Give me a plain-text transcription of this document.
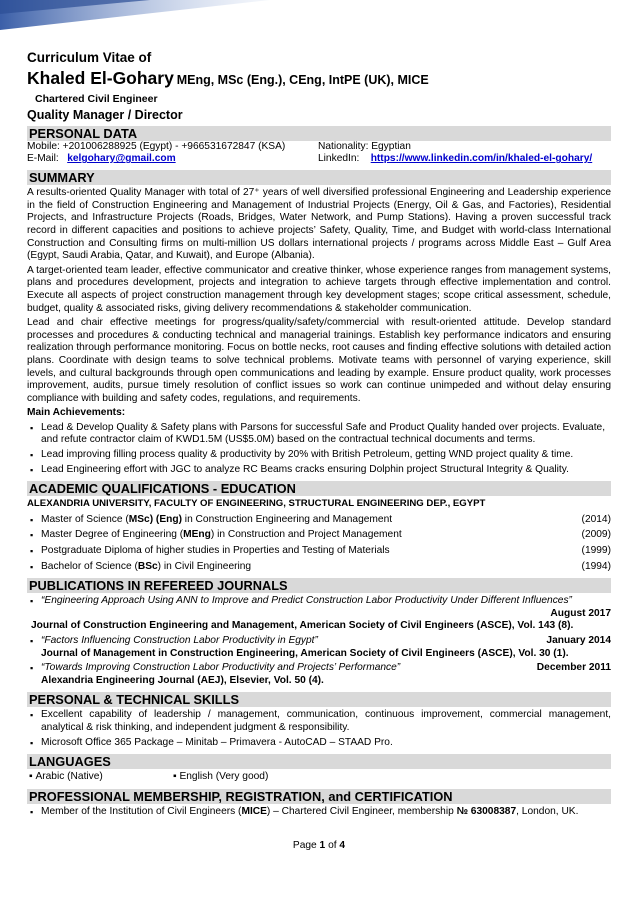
Curriculum Vitae of
Khaled El-Gohary MEng, MSc (Eng.), CEng, IntPE (UK), MICE
Chartered Civil Engineer
Quality Manager / Director
PERSONAL DATA
Mobile: +201006288925 (Egypt) - +966531672847 (KSA)	Nationality: Egyptian
E-Mail: kelgohary@gmail.com	LinkedIn: https://www.linkedin.com/in/khaled-el-gohary/
SUMMARY
A results-oriented Quality Manager with total of 27⁺ years of well diversified professional Engineering and Leadership experience in the field of Construction Engineering and Management of Industrial Projects (Energy, Oil & Gas, and Factories), Residential Projects, and Infrastructure Projects (Roads, Bridges, Water Network, and Pump Stations). Having a proven successful track record in different capacities and positions to achieve projects’ Safety, Quality, Time, and Budget with world-class International Construction and Consulting firms on multi-million US dollars international projects / programs across Middle East – Gulf Area (Egypt, Saudi Arabia, Qatar, and Kuwait), and Europe (Albania).
A target-oriented team leader, effective communicator and creative thinker, whose experience ranges from management systems, plans and procedures development, projects and integration to achieve targets through effective implementation and control. Execute all aspects of project construction management through key development stages; scope critical assessment, schedule, budget, quality & associated risks, giving delivery recommendations & stakeholder communication.
Lead and chair effective meetings for progress/quality/safety/commercial with result-oriented attitude. Develop standard processes and procedures & conducting technical and managerial trainings. Establish key performance indicators and ensuring realization through performance monitoring. Focus on bottle necks, root causes and finding effective solutions with detailed action plans. Coordinate with design teams to solve technical problems. Motivate teams with personnel of varying experience, skill levels, and cultural backgrounds through open communications and leading by example. Ensure product quality, work processes improvement, audits, pursue timely resolution of conflict issues so work can continue unimpeded and without delay ensuring compliance with building and safety codes, regulations, and requirements.
Main Achievements:
▪ Lead & Develop Quality & Safety plans with Parsons for successful Safe and Product Quality handed over projects. Evaluate, and refute contractor claim of KWD1.5M (US$5.0M) based on the contractual technical documents and terms.
▪ Lead improving filling process quality & productivity by 20% with British Petroleum, getting WND project quality & time.
▪ Lead Engineering effort with JGC to analyze RC Beams cracks ensuring Dolphin project Structural Integrity & Quality.
ACADEMIC QUALIFICATIONS - EDUCATION
ALEXANDRIA UNIVERSITY, FACULTY OF ENGINEERING, STRUCTURAL ENGINEERING DEP., EGYPT
▪ Master of Science (MSc) (Eng) in Construction Engineering and Management	(2014)
▪ Master Degree of Engineering (MEng) in Construction and Project Management	(2009)
▪ Postgraduate Diploma of higher studies in Properties and Testing of Materials	(1999)
▪ Bachelor of Science (BSc) in Civil Engineering	(1994)
PUBLICATIONS IN REFEREED JOURNALS
▪ “Engineering Approach Using ANN to Improve and Predict Construction Labor Productivity Under Different Influences”
August 2017
Journal of Construction Engineering and Management, American Society of Civil Engineers (ASCE), Vol. 143 (8).
▪ “Factors Influencing Construction Labor Productivity in Egypt”	January 2014
Journal of Management in Construction Engineering, American Society of Civil Engineers (ASCE), Vol. 30 (1).
▪ “Towards Improving Construction Labor Productivity and Projects’ Performance”	December 2011
Alexandria Engineering Journal (AEJ), Elsevier, Vol. 50 (4).
PERSONAL & TECHNICAL SKILLS
▪ Excellent capability of leadership / management, communication, continuous improvement, commercial management, analytical & risk thinking, and independent judgment & responsibility.
▪ Microsoft Office 365 Package – Minitab – Primavera - AutoCAD – STAAD Pro.
LANGUAGES
▪ Arabic (Native)	▪ English (Very good)
PROFESSIONAL MEMBERSHIP, REGISTRATION, and CERTIFICATION
▪ Member of the Institution of Civil Engineers (MICE) – Chartered Civil Engineer, membership № 63008387, London, UK.
Page 1 of 4
